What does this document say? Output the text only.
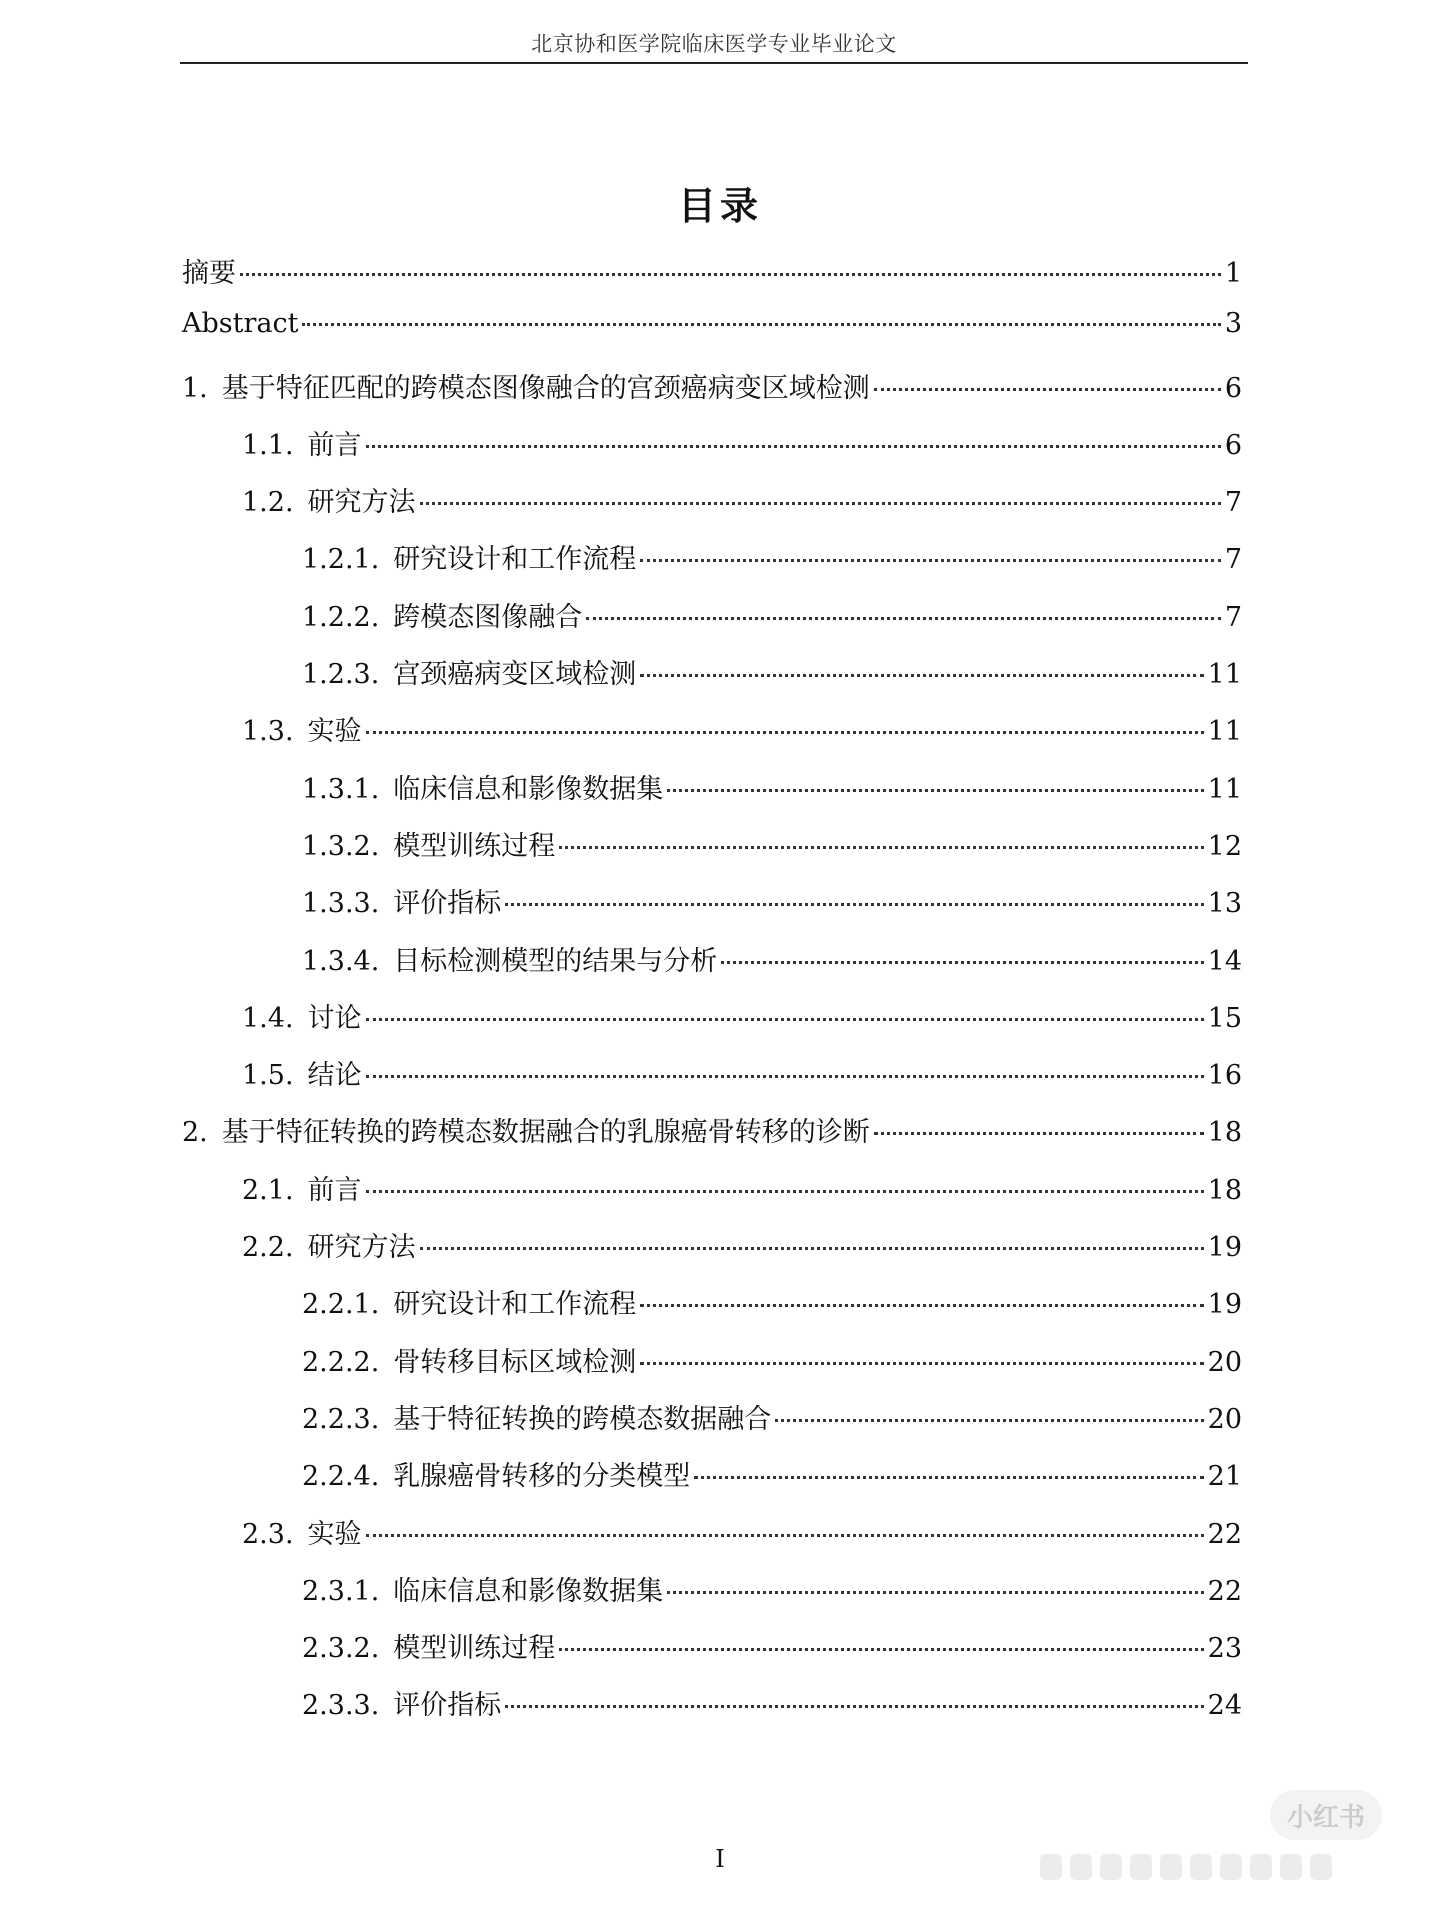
北京协和医学院临床医学专业毕业论文
目录
摘要	1
Abstract	3
1. 基于特征匹配的跨模态图像融合的宫颈癌病变区域检测	6
1.1. 前言	6
1.2. 研究方法	7
1.2.1. 研究设计和工作流程	7
1.2.2. 跨模态图像融合	7
1.2.3. 宫颈癌病变区域检测	11
1.3. 实验	11
1.3.1. 临床信息和影像数据集	11
1.3.2. 模型训练过程	12
1.3.3. 评价指标	13
1.3.4. 目标检测模型的结果与分析	14
1.4. 讨论	15
1.5. 结论	16
2. 基于特征转换的跨模态数据融合的乳腺癌骨转移的诊断	18
2.1. 前言	18
2.2. 研究方法	19
2.2.1. 研究设计和工作流程	19
2.2.2. 骨转移目标区域检测	20
2.2.3. 基于特征转换的跨模态数据融合	20
2.2.4. 乳腺癌骨转移的分类模型	21
2.3. 实验	22
2.3.1. 临床信息和影像数据集	22
2.3.2. 模型训练过程	23
2.3.3. 评价指标	24
I
小红书
